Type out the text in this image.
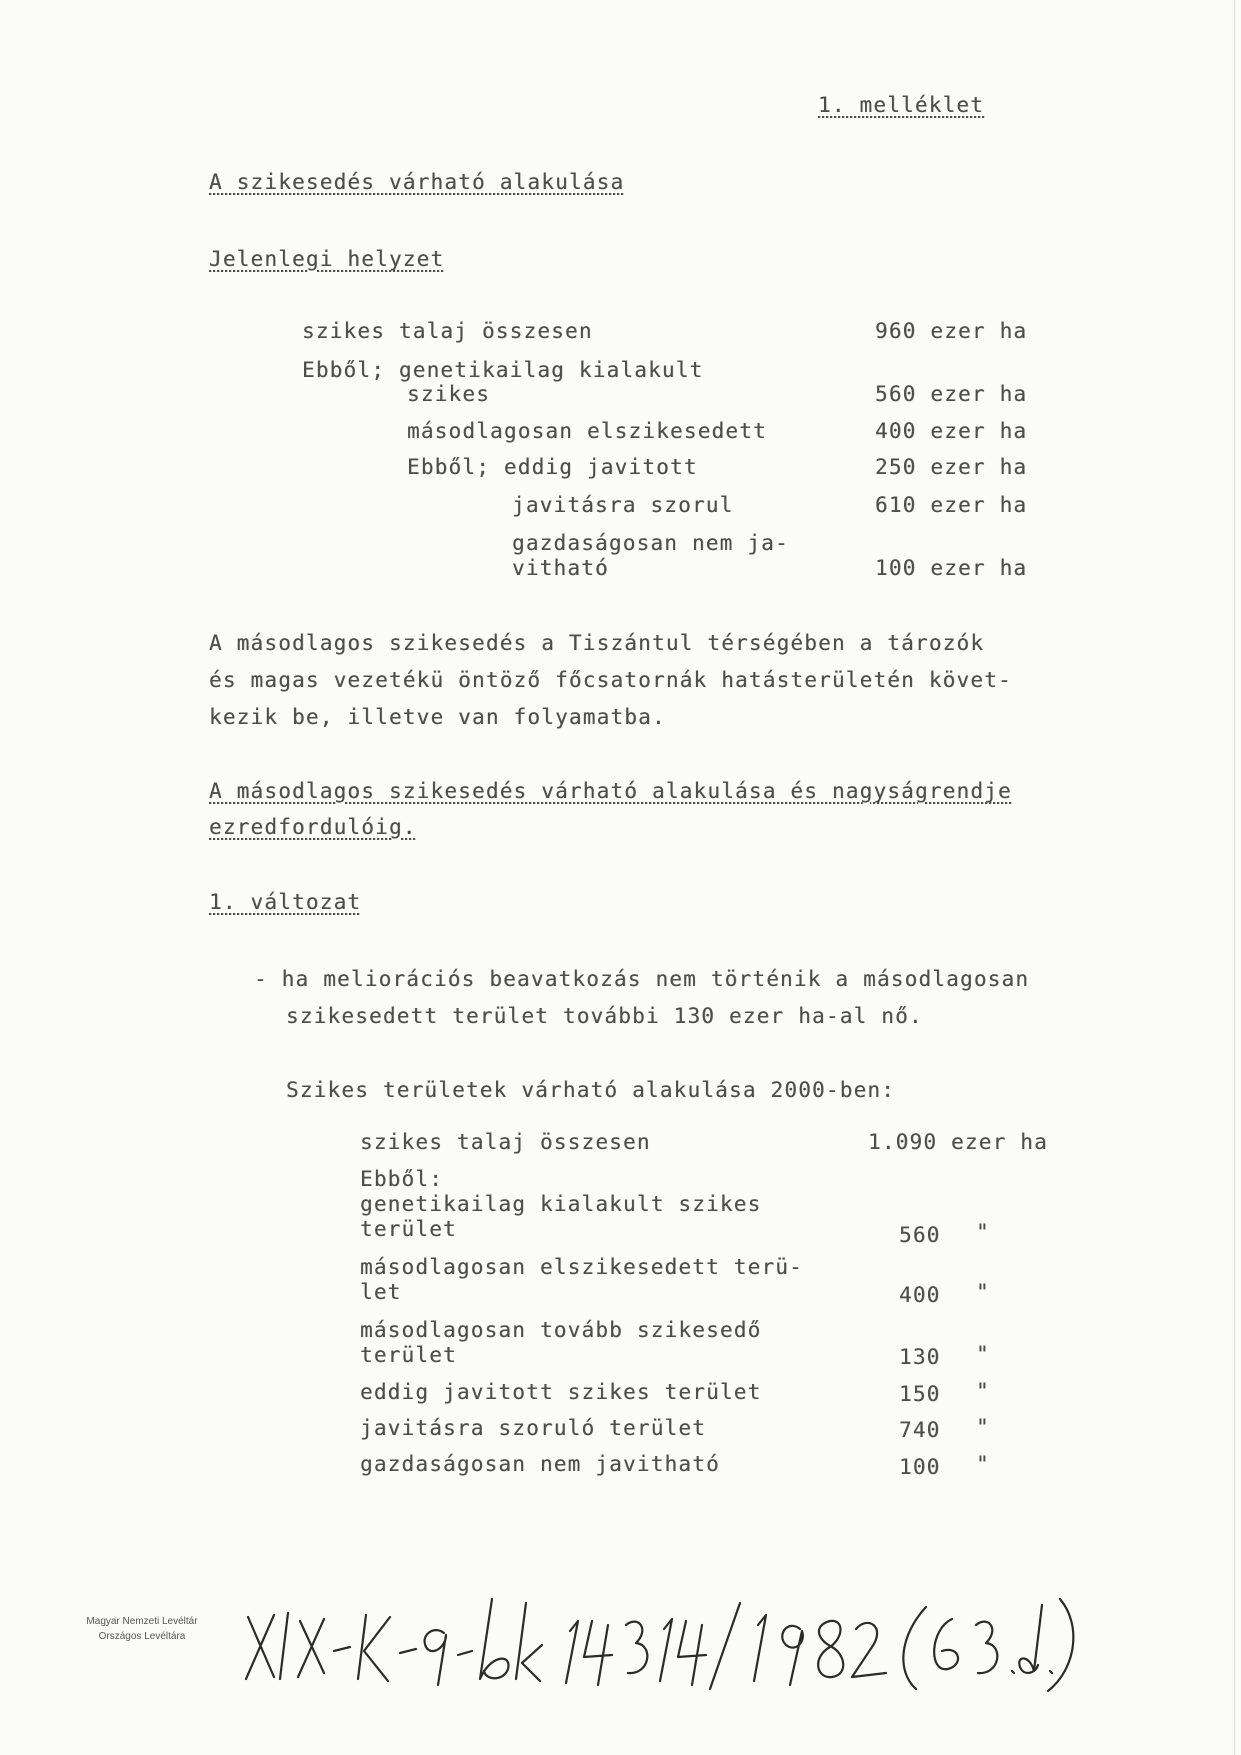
1. melléklet
A szikesedés várható alakulása
Jelenlegi helyzet
szikes talaj összesen	960 ezer ha
Ebből; genetikailag kialakult
szikes	560 ezer ha
másodlagosan elszikesedett	400 ezer ha
Ebből; eddig javitott	250 ezer ha
javitásra szorul	610 ezer ha
gazdaságosan nem ja-
vitható	100 ezer ha
A másodlagos szikesedés a Tiszántul térségében a tározók
és magas vezetékü öntöző főcsatornák hatásterületén követ-
kezik be, illetve van folyamatba.
A másodlagos szikesedés várható alakulása és nagyságrendje
ezredfordulóig.
1. változat
- ha meliorációs beavatkozás nem történik a másodlagosan
szikesedett terület további 130 ezer ha-al nő.
Szikes területek várható alakulása 2000-ben:
szikes talaj összesen	1.090 ezer ha
Ebből:
genetikailag kialakult szikes
terület	560 "
másodlagosan elszikesedett terü-
let	400 "
másodlagosan tovább szikesedő
terület	130 "
eddig javitott szikes terület	150 "
javitásra szoruló terület	740 "
gazdaságosan nem javitható	100 "
Magyar Nemzeti Levéltár
Országos Levéltára
